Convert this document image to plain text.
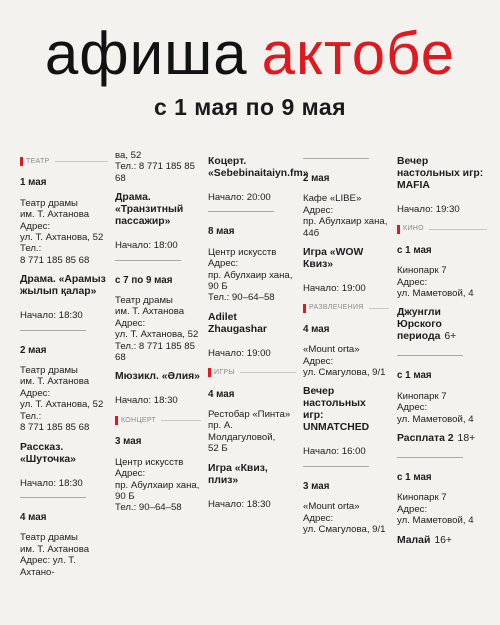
афиша актобе
с 1 мая по 9 мая
ТЕАТР
1 мая
Театр драмы
им. Т. Ахтанова
Адрес:
ул. Т. Ахтанова, 52
Тел.:
8 771 185 85 68
Драма. «Арамыз жылып қалар»
Начало: 18:30
2 мая
Театр драмы
им. Т. Ахтанова
Адрес:
ул. Т. Ахтанова, 52
Тел.:
8 771 185 85 68
Рассказ. «Шуточка»
Начало: 18:30
4 мая
Театр драмы
им. Т. Ахтанова
Адрес: ул. Т. Ахтано-
ва, 52
Тел.: 8 771 185 85
68
Драма. «Транзитный пассажир»
Начало: 18:00
с 7 по 9 мая
Театр драмы
им. Т. Ахтанова
Адрес:
ул. Т. Ахтанова, 52
Тел.: 8 771 185 85
68
Мюзикл. «Әлия»
Начало: 18:30
КОНЦЕРТ
3 мая
Центр искусств
Адрес:
пр. Абулхаир хана,
90 Б
Тел.: 90–64–58
Коцерт. «Sebebinaitaiyn.fm»
Начало: 20:00
8 мая
Центр искусств
Адрес:
пр. Абулхаир хана,
90 Б
Тел.: 90–64–58
Adilet Zhaugashar
Начало: 19:00
ИГРЫ
4 мая
Рестобар «Пинта»
пр. А. Молдагуловой,
52 Б
Игра «Квиз, плиз»
Начало: 18:30
2 мая
Кафе «LIBE»
Адрес:
пр. Абулхаир хана,
44б
Игра «WOW Квиз»
Начало: 19:00
РАЗВЛЕЧЕНИЯ
4 мая
«Mount orta»
Адрес:
ул. Смагулова, 9/1
Вечер настольных игр: UNMATCHED
Начало: 16:00
3 мая
«Mount orta»
Адрес:
ул. Смагулова, 9/1
Вечер настольных игр: MAFIA
Начало: 19:30
КИНО
с 1 мая
Кинопарк 7
Адрес:
ул. Маметовой, 4
Джунгли Юрского периода 6+
с 1 мая
Кинопарк 7
Адрес:
ул. Маметовой, 4
Расплата 2 18+
с 1 мая
Кинопарк 7
Адрес:
ул. Маметовой, 4
Малай 16+
